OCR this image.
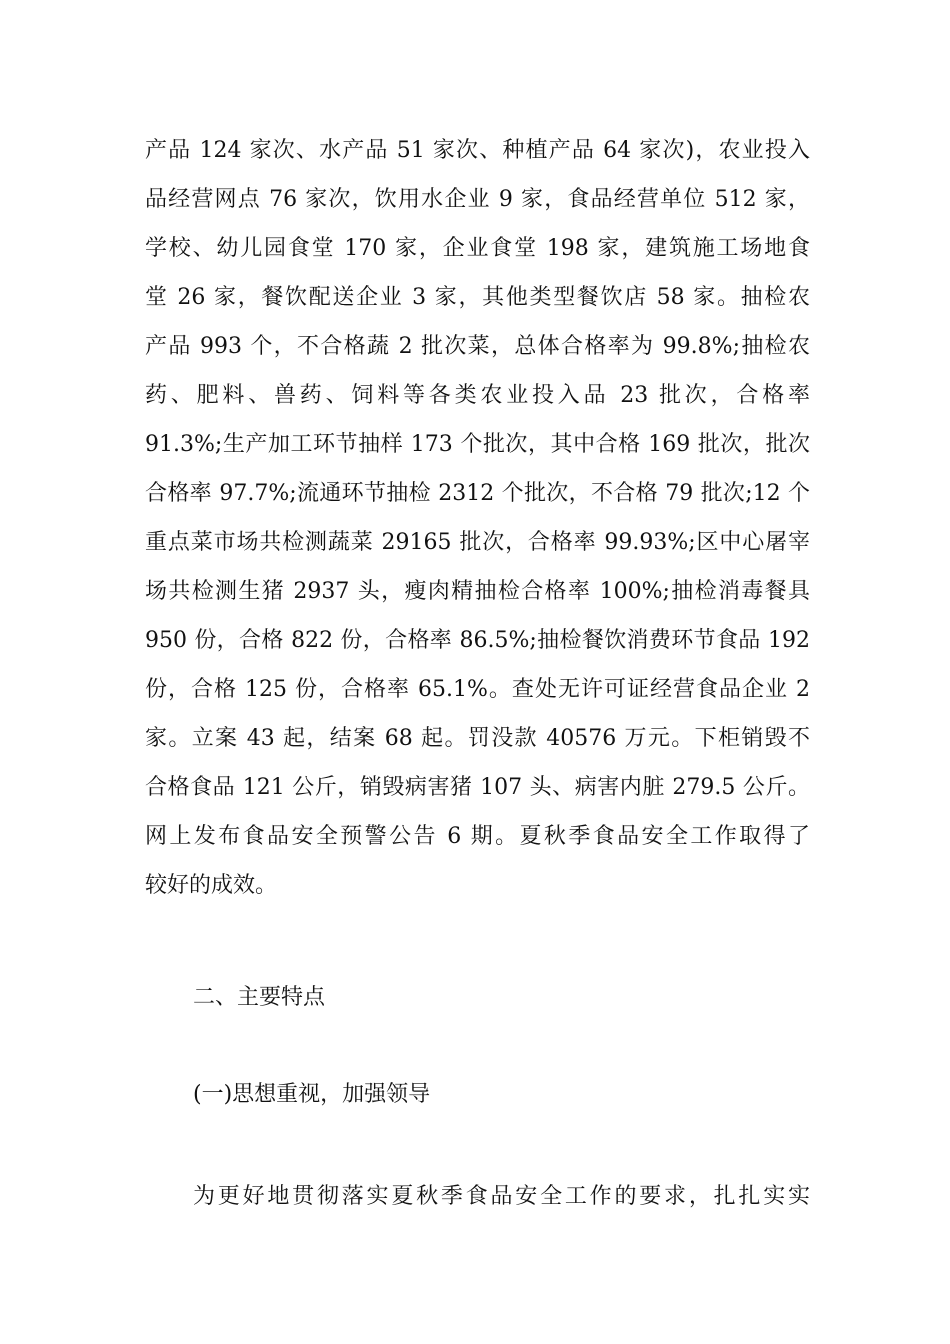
产品 124 家次、水产品 51 家次、种植产品 64 家次)，农业投入
品经营网点 76 家次，饮用水企业 9 家，食品经营单位 512 家，
学校、幼儿园食堂 170 家，企业食堂 198 家，建筑施工场地食
堂 26 家，餐饮配送企业 3 家，其他类型餐饮店 58 家。抽检农
产品 993 个，不合格蔬 2 批次菜，总体合格率为 99.8%;抽检农
药、肥料、兽药、饲料等各类农业投入品 23 批次，合格率
91.3%;生产加工环节抽样 173 个批次，其中合格 169 批次，批次
合格率 97.7%;流通环节抽检 2312 个批次，不合格 79 批次;12 个
重点菜市场共检测蔬菜 29165 批次，合格率 99.93%;区中心屠宰
场共检测生猪 2937 头，瘦肉精抽检合格率 100%;抽检消毒餐具
950 份，合格 822 份，合格率 86.5%;抽检餐饮消费环节食品 192
份，合格 125 份，合格率 65.1%。查处无许可证经营食品企业 2
家。立案 43 起，结案 68 起。罚没款 40576 万元。下柜销毁不
合格食品 121 公斤，销毁病害猪 107 头、病害内脏 279.5 公斤。
网上发布食品安全预警公告 6 期。夏秋季食品安全工作取得了
较好的成效。
二、主要特点
(一)思想重视，加强领导
为更好地贯彻落实夏秋季食品安全工作的要求，扎扎实实
